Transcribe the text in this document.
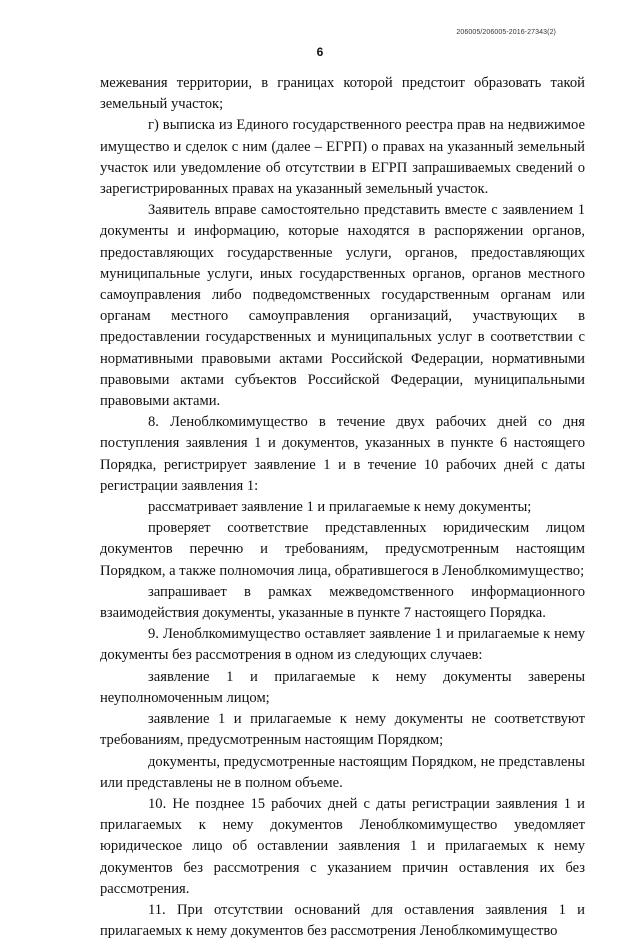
206005/206005-2016-27343(2)
6

межевания территории, в границах которой предстоит образовать такой земельный участок;

г) выписка из Единого государственного реестра прав на недвижимое имущество и сделок с ним (далее – ЕГРП) о правах на указанный земельный участок или уведомление об отсутствии в ЕГРП запрашиваемых сведений о зарегистрированных правах на указанный земельный участок.

Заявитель вправе самостоятельно представить вместе с заявлением 1 документы и информацию, которые находятся в распоряжении органов, предоставляющих государственные услуги, органов, предоставляющих муниципальные услуги, иных государственных органов, органов местного самоуправления либо подведомственных государственным органам или органам местного самоуправления организаций, участвующих в предоставлении государственных и муниципальных услуг в соответствии с нормативными правовыми актами Российской Федерации, нормативными правовыми актами субъектов Российской Федерации, муниципальными правовыми актами.

8. Леноблкомимущество в течение двух рабочих дней со дня поступления заявления 1 и документов, указанных в пункте 6 настоящего Порядка, регистрирует заявление 1 и в течение 10 рабочих дней с даты регистрации заявления 1:

рассматривает заявление 1 и прилагаемые к нему документы;

проверяет соответствие представленных юридическим лицом документов перечню и требованиям, предусмотренным настоящим Порядком, а также полномочия лица, обратившегося в Леноблкомимущество;

запрашивает в рамках межведомственного информационного взаимодействия документы, указанные в пункте 7 настоящего Порядка.

9. Леноблкомимущество оставляет заявление 1 и прилагаемые к нему документы без рассмотрения в одном из следующих случаев:

заявление 1 и прилагаемые к нему документы заверены неуполномоченным лицом;

заявление 1 и прилагаемые к нему документы не соответствуют требованиям, предусмотренным настоящим Порядком;

документы, предусмотренные настоящим Порядком, не представлены или представлены не в полном объеме.

10. Не позднее 15 рабочих дней с даты регистрации заявления 1 и прилагаемых к нему документов Леноблкомимущество уведомляет юридическое лицо об оставлении заявления 1 и прилагаемых к нему документов без рассмотрения с указанием причин оставления их без рассмотрения.

11. При отсутствии оснований для оставления заявления 1 и прилагаемых к нему документов без рассмотрения Леноблкомимущество
